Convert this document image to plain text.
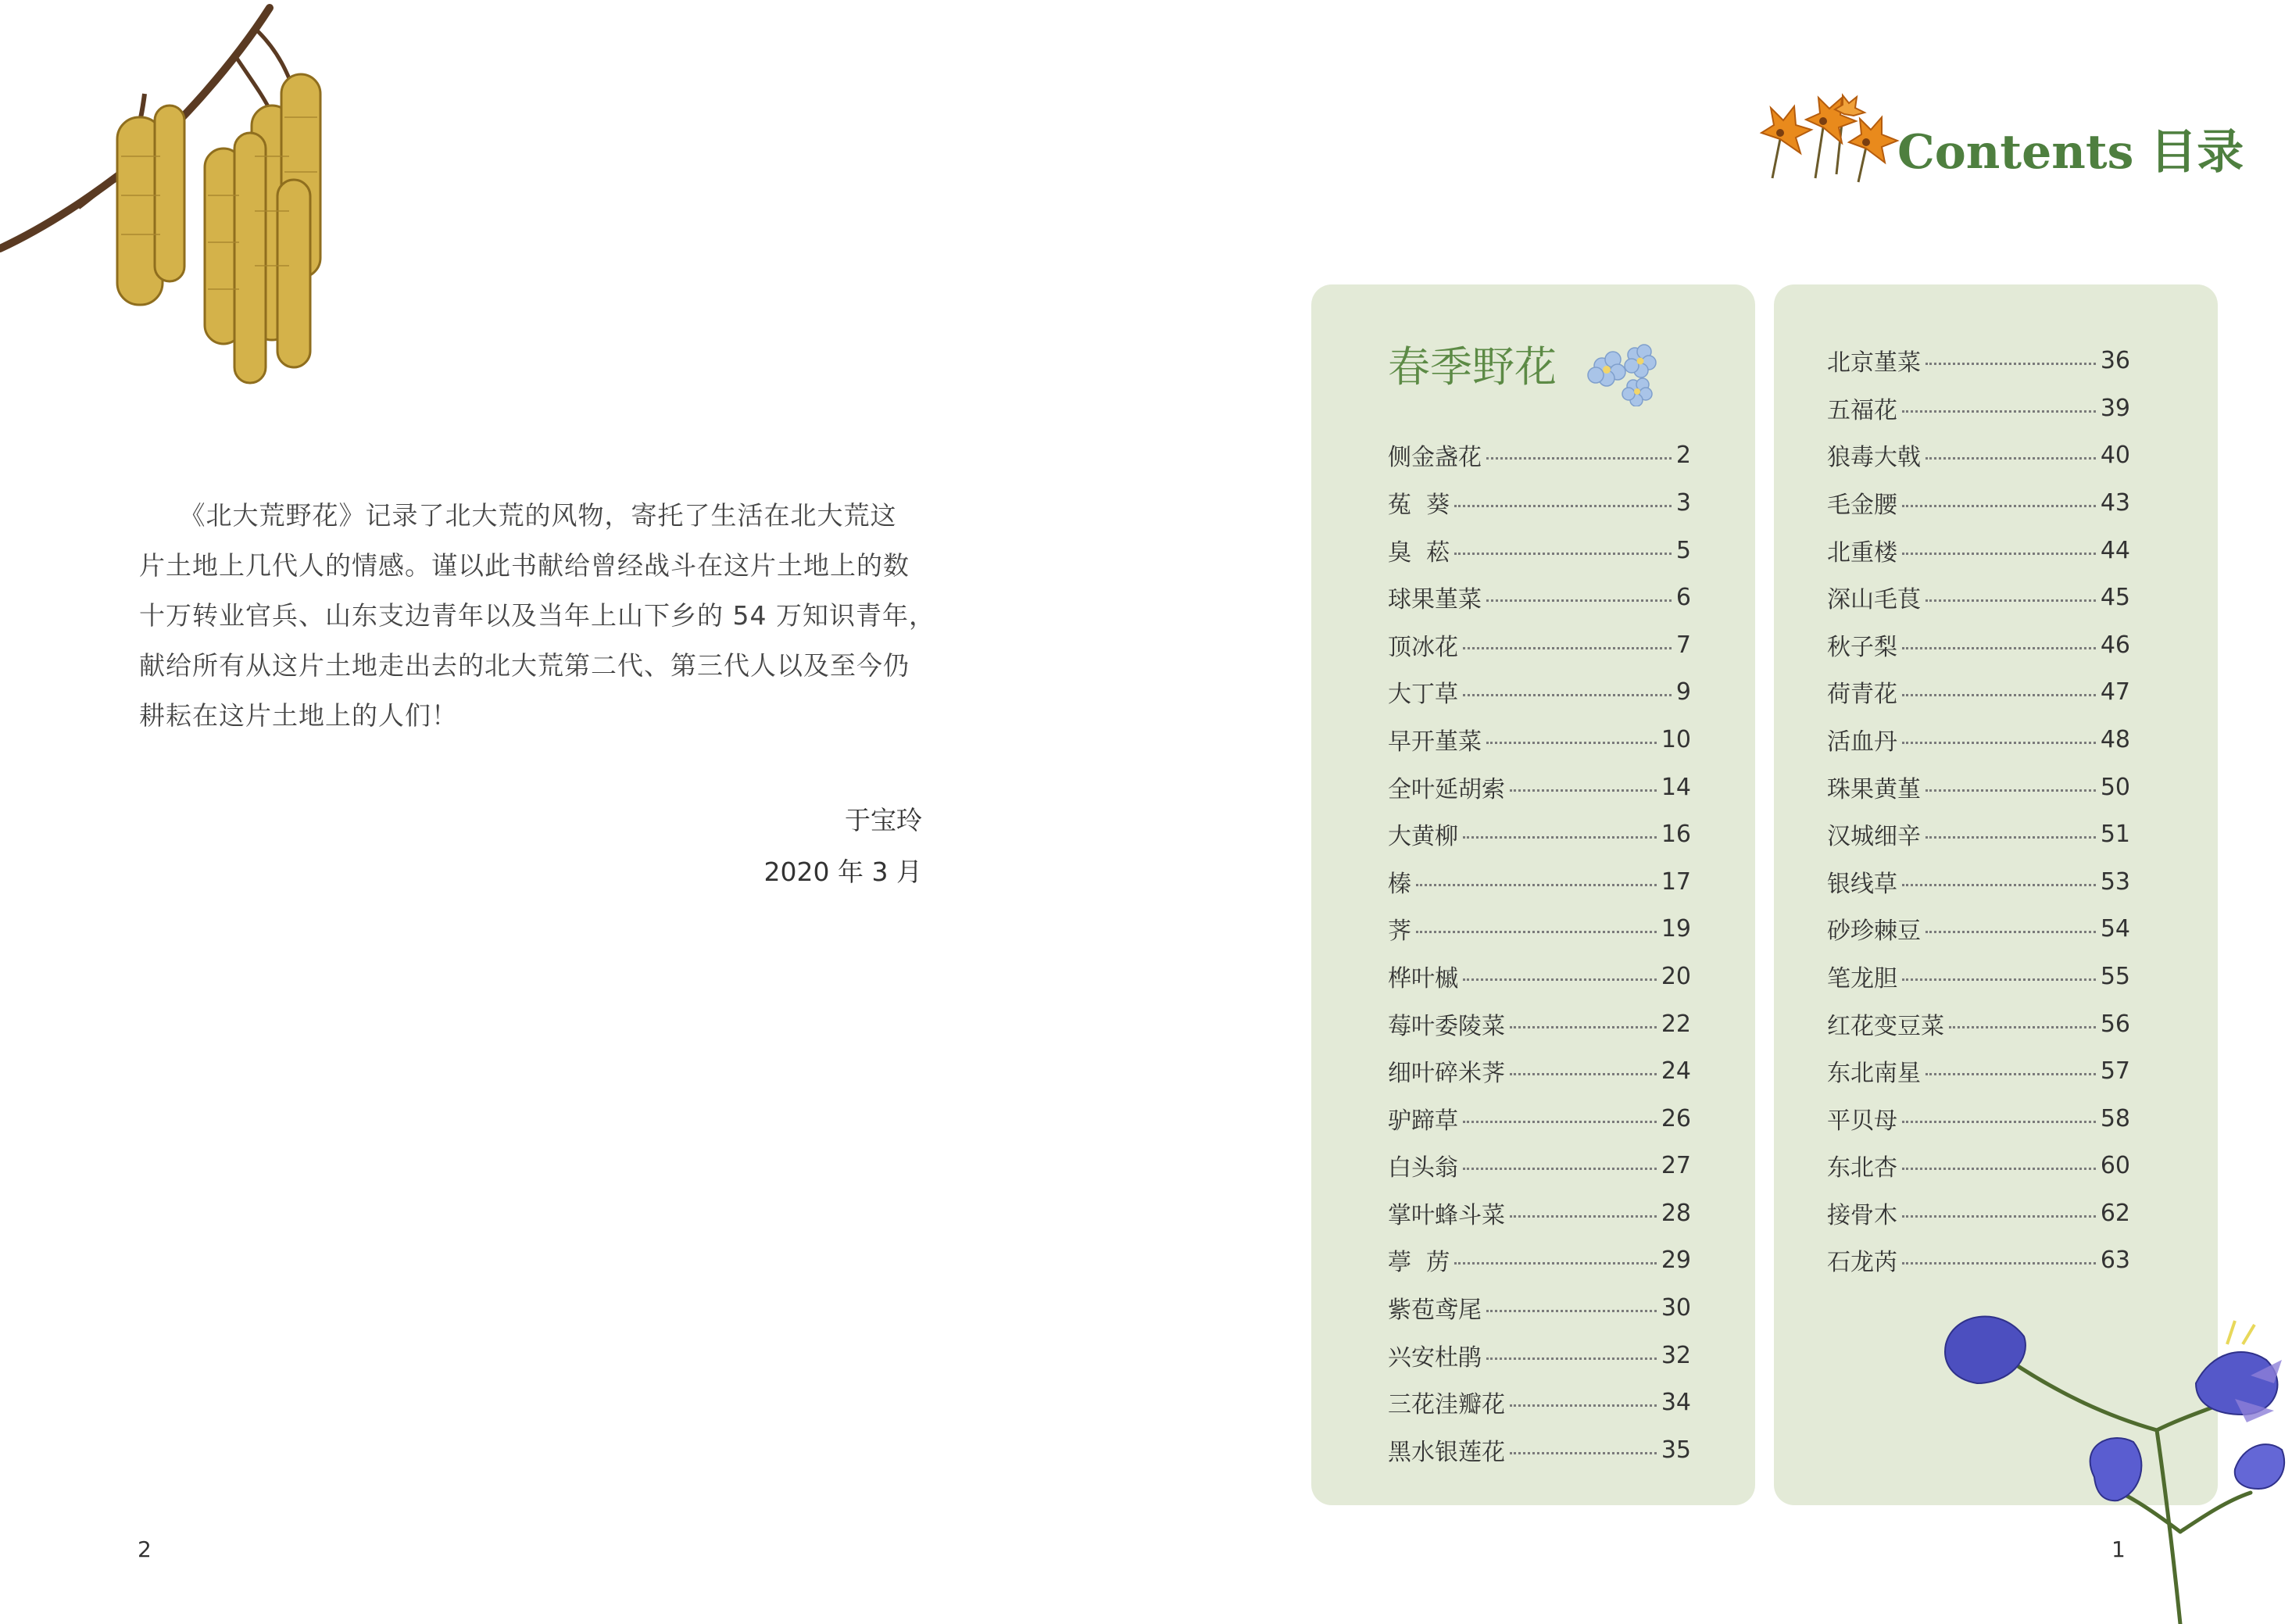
　　《北大荒野花》记录了北大荒的风物，寄托了生活在北大荒这
片土地上几代人的情感。谨以此书献给曾经战斗在这片土地上的数
十万转业官兵、山东支边青年以及当年上山下乡的 54 万知识青年，
献给所有从这片土地走出去的北大荒第二代、第三代人以及至今仍
耕耘在这片土地上的人们！
于宝玲
2020 年 3 月
2
Contents 目录
春季野花
侧金盏花	2
菟  葵	3
臭  菘	5
球果堇菜	6
顶冰花	7
大丁草	9
早开堇菜	10
全叶延胡索	14
大黄柳	16
榛	17
荠	19
桦叶槭	20
莓叶委陵菜	22
细叶碎米荠	24
驴蹄草	26
白头翁	27
掌叶蜂斗菜	28
葶  苈	29
紫苞鸢尾	30
兴安杜鹃	32
三花洼瓣花	34
黑水银莲花	35
北京堇菜	36
五福花	39
狼毒大戟	40
毛金腰	43
北重楼	44
深山毛茛	45
秋子梨	46
荷青花	47
活血丹	48
珠果黄堇	50
汉城细辛	51
银线草	53
砂珍棘豆	54
笔龙胆	55
红花变豆菜	56
东北南星	57
平贝母	58
东北杏	60
接骨木	62
石龙芮	63
1
